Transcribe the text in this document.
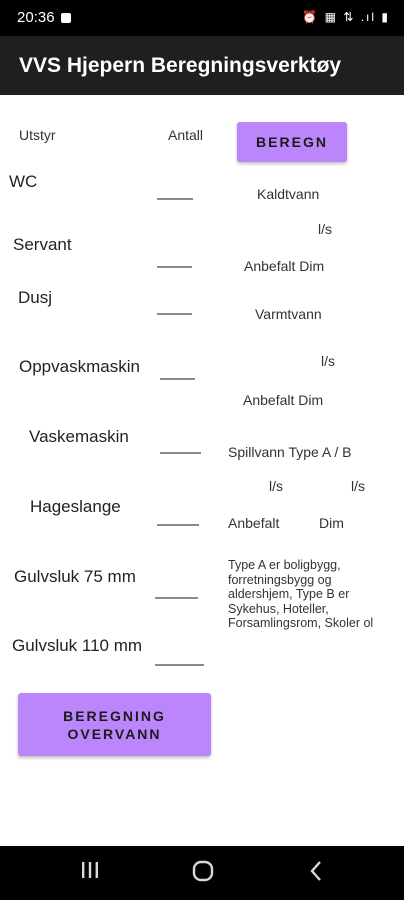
20:36	⏰ ▦ ⇅ .ıl ▮
VVS Hjepern Beregningsverktøy
Utstyr	Antall	BEREGN
WC
Servant
Dusj
Oppvaskmaskin
Vaskemaskin
Hageslange
Gulvsluk 75 mm
Gulvsluk 110 mm
Kaldtvann
l/s
Anbefalt Dim
Varmtvann
l/s
Anbefalt Dim
Spillvann Type A / B
l/s	l/s
Anbefalt	Dim
Type A er boligbygg, forretningsbygg og aldershjem, Type B er Sykehus, Hoteller, Forsamlingsrom, Skoler ol
BEREGNING OVERVANN
